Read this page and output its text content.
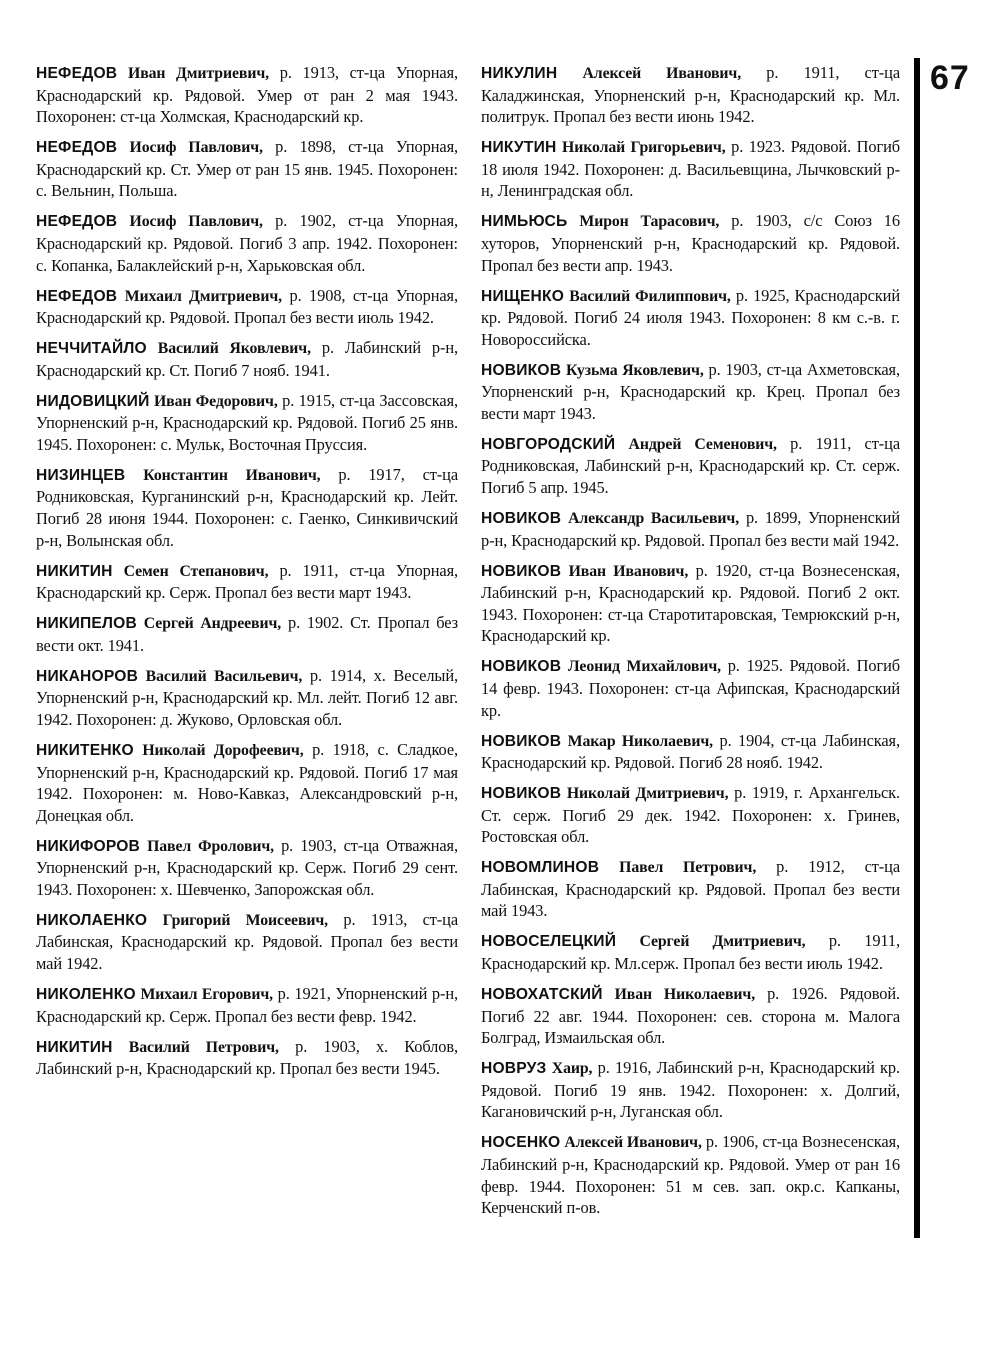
НЕФЕДОВ Иван Дмитриевич, р. 1913, ст-ца Упорная, Краснодарский кр. Рядовой. Умер от ран 2 мая 1943. Похоронен: ст-ца Холмская, Краснодарский кр.

НЕФЕДОВ Иосиф Павлович, р. 1898, ст-ца Упорная, Краснодарский кр. Ст. Умер от ран 15 янв. 1945. Похоронен: с. Вельнин, Польша.

НЕФЕДОВ Иосиф Павлович, р. 1902, ст-ца Упорная, Краснодарский кр. Рядовой. Погиб 3 апр. 1942. Похоронен: с. Копанка, Балаклейский р-н, Харьковская обл.

НЕФЕДОВ Михаил Дмитриевич, р. 1908, ст-ца Упорная, Краснодарский кр. Рядовой. Пропал без вести июль 1942.

НЕЧЧИТАЙЛО Василий Яковлевич, р. Лабинский р-н, Краснодарский кр. Ст. Погиб 7 нояб. 1941.

НИДОВИЦКИЙ Иван Федорович, р. 1915, ст-ца Зассовская, Упорненский р-н, Краснодарский кр. Рядовой. Погиб 25 янв. 1945. Похоронен: с. Мульк, Восточная Пруссия.

НИЗИНЦЕВ Константин Иванович, р. 1917, ст-ца Родниковская, Курганинский р-н, Краснодарский кр. Лейт. Погиб 28 июня 1944. Похоронен: с. Гаенко, Синкивичский р-н, Волынская обл.

НИКИТИН Семен Степанович, р. 1911, ст-ца Упорная, Краснодарский кр. Серж. Пропал без вести март 1943.

НИКИПЕЛОВ Сергей Андреевич, р. 1902. Ст. Пропал без вести окт. 1941.

НИКАНОРОВ Василий Васильевич, р. 1914, х. Веселый, Упорненский р-н, Краснодарский кр. Мл. лейт. Погиб 12 авг. 1942. Похоронен: д. Жуково, Орловская обл.

НИКИТЕНКО Николай Дорофеевич, р. 1918, с. Сладкое, Упорненский р-н, Краснодарский кр. Рядовой. Погиб 17 мая 1942. Похоронен: м. Ново-Кавказ, Александровский р-н, Донецкая обл.

НИКИФОРОВ Павел Фролович, р. 1903, ст-ца Отважная, Упорненский р-н, Краснодарский кр. Серж. Погиб 29 сент. 1943. Похоронен: х. Шевченко, Запорожская обл.

НИКОЛАЕНКО Григорий Моисеевич, р. 1913, ст-ца Лабинская, Краснодарский кр. Рядовой. Пропал без вести май 1942.

НИКОЛЕНКО Михаил Егорович, р. 1921, Упорненский р-н, Краснодарский кр. Серж. Пропал без вести февр. 1942.

НИКИТИН Василий Петрович, р. 1903, х. Коблов, Лабинский р-н, Краснодарский кр. Пропал без вести 1945.

НИКУЛИН Алексей Иванович, р. 1911, ст-ца Каладжинская, Упорненский р-н, Краснодарский кр. Мл. политрук. Пропал без вести июнь 1942.

НИКУТИН Николай Григорьевич, р. 1923. Рядовой. Погиб 18 июля 1942. Похоронен: д. Васильевщина, Лычковский р-н, Ленинградская обл.

НИМЬЮСЬ Мирон Тарасович, р. 1903, с/с Союз 16 хуторов, Упорненский р-н, Краснодарский кр. Рядовой. Пропал без вести апр. 1943.

НИЩЕНКО Василий Филиппович, р. 1925, Краснодарский кр. Рядовой. Погиб 24 июля 1943. Похоронен: 8 км с.-в. г. Новороссийска.

НОВИКОВ Кузьма Яковлевич, р. 1903, ст-ца Ахметовская, Упорненский р-н, Краснодарский кр. Крец. Пропал без вести март 1943.

НОВГОРОДСКИЙ Андрей Семенович, р. 1911, ст-ца Родниковская, Лабинский р-н, Краснодарский кр. Ст. серж. Погиб 5 апр. 1945.

НОВИКОВ Александр Васильевич, р. 1899, Упорненский р-н, Краснодарский кр. Рядовой. Пропал без вести май 1942.

НОВИКОВ Иван Иванович, р. 1920, ст-ца Вознесенская, Лабинский р-н, Краснодарский кр. Рядовой. Погиб 2 окт. 1943. Похоронен: ст-ца Старотитаровская, Темрюкский р-н, Краснодарский кр.

НОВИКОВ Леонид Михайлович, р. 1925. Рядовой. Погиб 14 февр. 1943. Похоронен: ст-ца Афипская, Краснодарский кр.

НОВИКОВ Макар Николаевич, р. 1904, ст-ца Лабинская, Краснодарский кр. Рядовой. Погиб 28 нояб. 1942.

НОВИКОВ Николай Дмитриевич, р. 1919, г. Архангельск. Ст. серж. Погиб 29 дек. 1942. Похоронен: х. Гринев, Ростовская обл.

НОВОМЛИНОВ Павел Петрович, р. 1912, ст-ца Лабинская, Краснодарский кр. Рядовой. Пропал без вести май 1943.

НОВОСЕЛЕЦКИЙ Сергей Дмитриевич, р. 1911, Краснодарский кр. Мл.серж. Пропал без вести июль 1942.

НОВОХАТСКИЙ Иван Николаевич, р. 1926. Рядовой. Погиб 22 авг. 1944. Похоронен: сев. сторона м. Малога Болград, Измаильская обл.

НОВРУЗ Хаир, р. 1916, Лабинский р-н, Краснодарский кр. Рядовой. Погиб 19 янв. 1942. Похоронен: х. Долгий, Кагановичский р-н, Луганская обл.

НОСЕНКО Алексей Иванович, р. 1906, ст-ца Вознесенская, Лабинский р-н, Краснодарский кр. Рядовой. Умер от ран 16 февр. 1944. Похоронен: 51 м сев. зап. окр.с. Капканы, Керченский п-ов.

67
